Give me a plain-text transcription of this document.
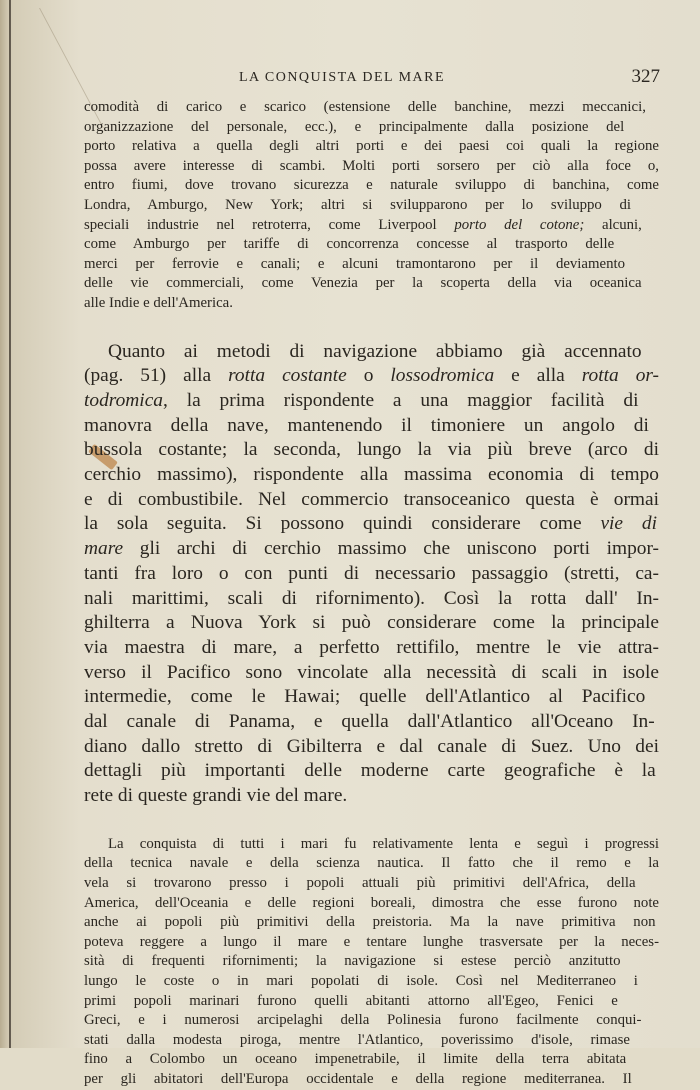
LA CONQUISTA DEL MARE	327
comodità di carico e scarico (estensione delle banchine, mezzi meccanici,
organizzazione del personale, ecc.), e principalmente dalla posizione del
porto relativa a quella degli altri porti e dei paesi coi quali la regione
possa avere interesse di scambi. Molti porti sorsero per ciò alla foce o,
entro fiumi, dove trovano sicurezza e naturale sviluppo di banchina, come
Londra, Amburgo, New York; altri si svilupparono per lo sviluppo di
speciali industrie nel retroterra, come Liverpool porto del cotone; alcuni,
come Amburgo per tariffe di concorrenza concesse al trasporto delle
merci per ferrovie e canali; e alcuni tramontarono per il deviamento
delle vie commerciali, come Venezia per la scoperta della via oceanica
alle Indie e dell'America.
Quanto ai metodi di navigazione abbiamo già accennato
(pag. 51) alla rotta costante o lossodromica e alla rotta or-
todromica, la prima rispondente a una maggior facilità di
manovra della nave, mantenendo il timoniere un angolo di
bussola costante; la seconda, lungo la via più breve (arco di
cerchio massimo), rispondente alla massima economia di tempo
e di combustibile. Nel commercio transoceanico questa è ormai
la sola seguita. Si possono quindi considerare come vie di
mare gli archi di cerchio massimo che uniscono porti impor-
tanti fra loro o con punti di necessario passaggio (stretti, ca-
nali marittimi, scali di rifornimento). Così la rotta dall' In-
ghilterra a Nuova York si può considerare come la principale
via maestra di mare, a perfetto rettifilo, mentre le vie attra-
verso il Pacifico sono vincolate alla necessità di scali in isole
intermedie, come le Hawai; quelle dell'Atlantico al Pacifico
dal canale di Panama, e quella dall'Atlantico all'Oceano In-
diano dallo stretto di Gibilterra e dal canale di Suez. Uno dei
dettagli più importanti delle moderne carte geografiche è la
rete di queste grandi vie del mare.
La conquista di tutti i mari fu relativamente lenta e seguì i progressi
della tecnica navale e della scienza nautica. Il fatto che il remo e la
vela si trovarono presso i popoli attuali più primitivi dell'Africa, della
America, dell'Oceania e delle regioni boreali, dimostra che esse furono note
anche ai popoli più primitivi della preistoria. Ma la nave primitiva non
poteva reggere a lungo il mare e tentare lunghe trasversate per la neces-
sità di frequenti rifornimenti; la navigazione si estese perciò anzitutto
lungo le coste o in mari popolati di isole. Così nel Mediterraneo i
primi popoli marinari furono quelli abitanti attorno all'Egeo, Fenici e
Greci, e i numerosi arcipelaghi della Polinesia furono facilmente conqui-
stati dalla modesta piroga, mentre l'Atlantico, poverissimo d'isole, rimase
fino a Colombo un oceano impenetrabile, il limite della terra abitata
per gli abitatori dell'Europa occidentale e della regione mediterranea. Il
